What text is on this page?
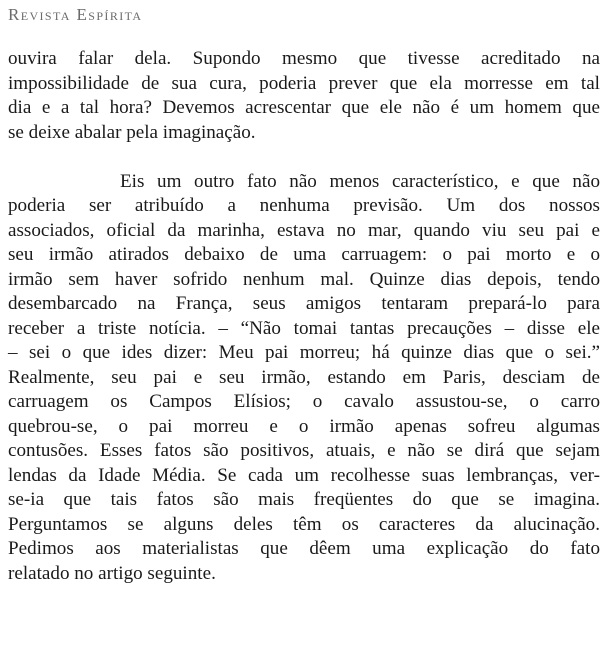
Revista Espírita
ouvira falar dela. Supondo mesmo que tivesse acreditado na
impossibilidade de sua cura, poderia prever que ela morresse em tal
dia e a tal hora? Devemos acrescentar que ele não é um homem que
se deixe abalar pela imaginação.
Eis um outro fato não menos característico, e que não
poderia ser atribuído a nenhuma previsão. Um dos nossos
associados, oficial da marinha, estava no mar, quando viu seu pai e
seu irmão atirados debaixo de uma carruagem: o pai morto e o
irmão sem haver sofrido nenhum mal. Quinze dias depois, tendo
desembarcado na França, seus amigos tentaram prepará-lo para
receber a triste notícia. – “Não tomai tantas precauções – disse ele
– sei o que ides dizer: Meu pai morreu; há quinze dias que o sei.”
Realmente, seu pai e seu irmão, estando em Paris, desciam de
carruagem os Campos Elísios; o cavalo assustou-se, o carro
quebrou-se, o pai morreu e o irmão apenas sofreu algumas
contusões. Esses fatos são positivos, atuais, e não se dirá que sejam
lendas da Idade Média. Se cada um recolhesse suas lembranças, ver-
se-ia que tais fatos são mais freqüentes do que se imagina.
Perguntamos se alguns deles têm os caracteres da alucinação.
Pedimos aos materialistas que dêem uma explicação do fato
relatado no artigo seguinte.
